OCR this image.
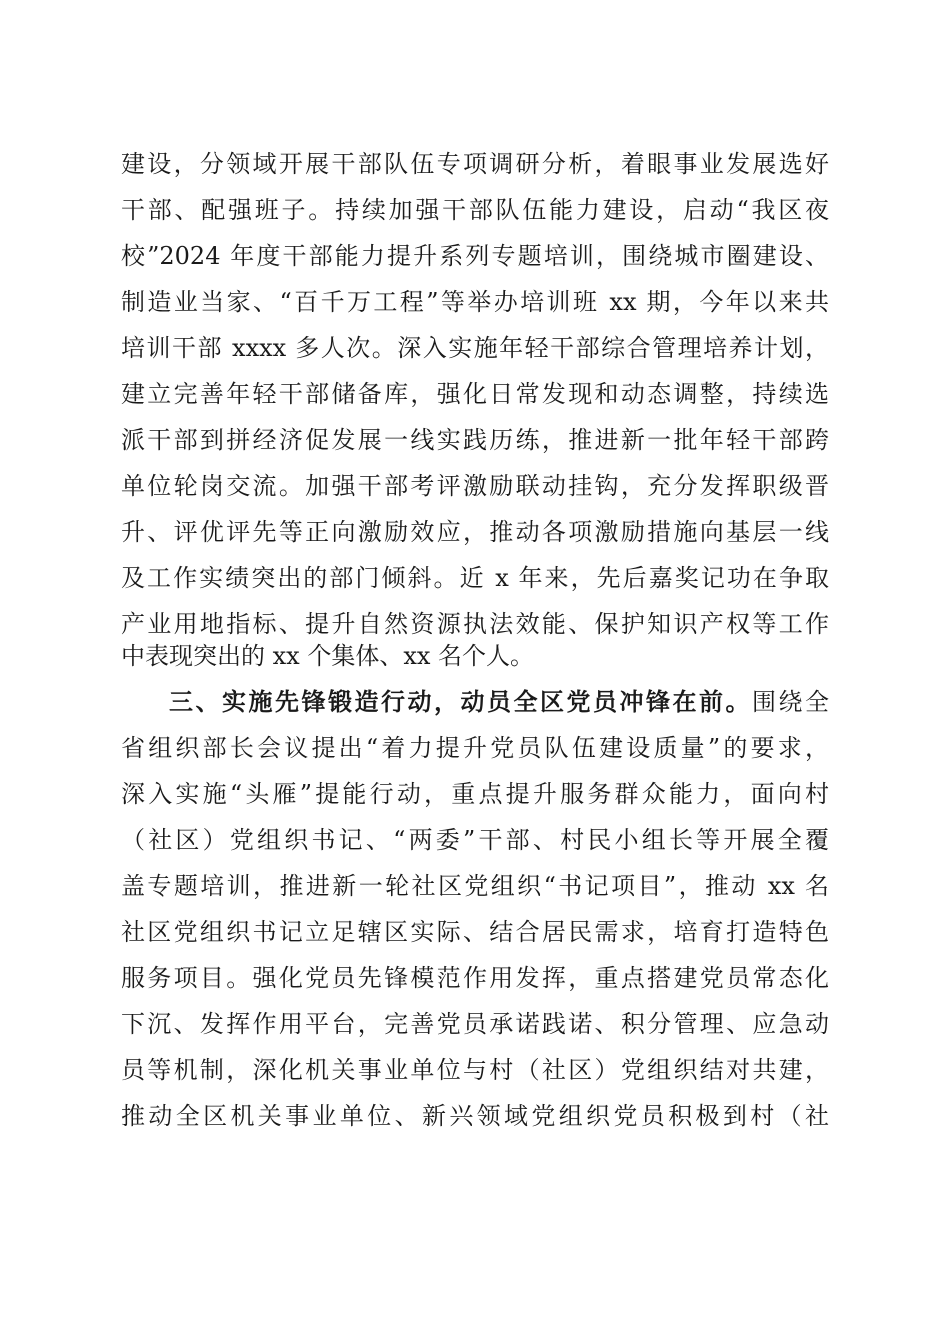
建设，分领域开展干部队伍专项调研分析，着眼事业发展选好
干部、配强班子。持续加强干部队伍能力建设，启动“我区夜
校”2024 年度干部能力提升系列专题培训，围绕城市圈建设、
制造业当家、“百千万工程”等举办培训班 xx 期，今年以来共
培训干部 xxxx 多人次。深入实施年轻干部综合管理培养计划，
建立完善年轻干部储备库，强化日常发现和动态调整，持续选
派干部到拼经济促发展一线实践历练，推进新一批年轻干部跨
单位轮岗交流。加强干部考评激励联动挂钩，充分发挥职级晋
升、评优评先等正向激励效应，推动各项激励措施向基层一线
及工作实绩突出的部门倾斜。近 x 年来，先后嘉奖记功在争取
产业用地指标、提升自然资源执法效能、保护知识产权等工作
中表现突出的 xx 个集体、xx 名个人。
三、实施先锋锻造行动，动员全区党员冲锋在前。围绕全
省组织部长会议提出“着力提升党员队伍建设质量”的要求，
深入实施“头雁”提能行动，重点提升服务群众能力，面向村
（社区）党组织书记、“两委”干部、村民小组长等开展全覆
盖专题培训，推进新一轮社区党组织“书记项目”，推动 xx 名
社区党组织书记立足辖区实际、结合居民需求，培育打造特色
服务项目。强化党员先锋模范作用发挥，重点搭建党员常态化
下沉、发挥作用平台，完善党员承诺践诺、积分管理、应急动
员等机制，深化机关事业单位与村（社区）党组织结对共建，
推动全区机关事业单位、新兴领域党组织党员积极到村（社
